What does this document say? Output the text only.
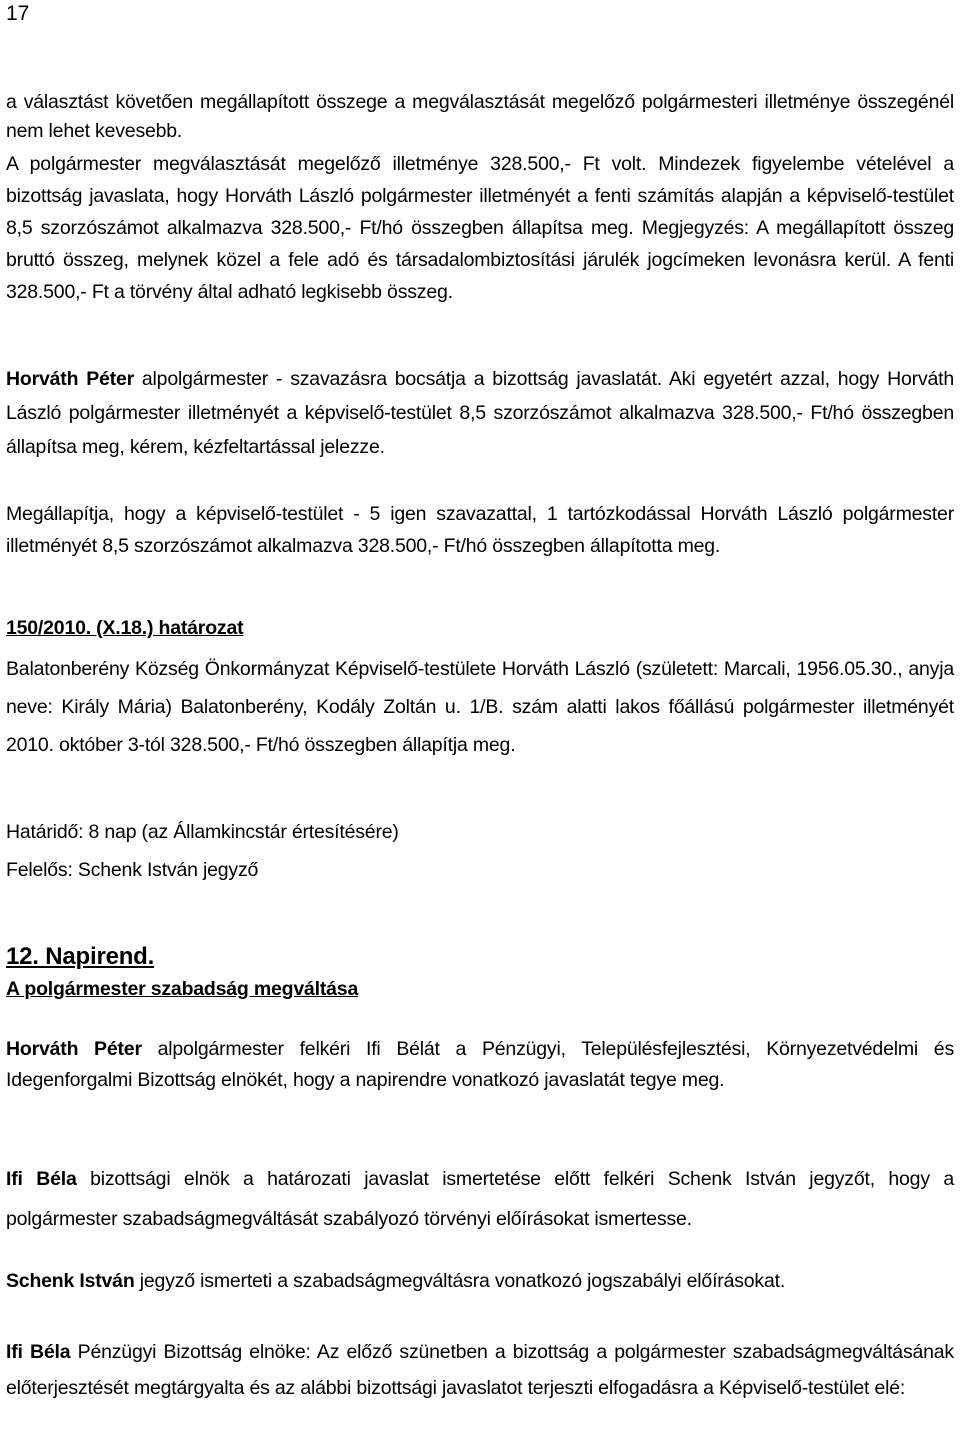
17
a választást követően megállapított összege a megválasztását megelőző polgármesteri illetménye összegénél nem lehet kevesebb.
A polgármester megválasztását megelőző illetménye 328.500,- Ft volt. Mindezek figyelembe vételével a bizottság javaslata, hogy Horváth László polgármester illetményét a fenti számítás alapján a képviselő-testület 8,5 szorzószámot alkalmazva 328.500,- Ft/hó összegben állapítsa meg. Megjegyzés: A megállapított összeg bruttó összeg, melynek közel a fele adó és társadalombiztosítási járulék jogcímeken levonásra kerül. A fenti 328.500,- Ft a törvény által adható legkisebb összeg.
Horváth Péter alpolgármester - szavazásra bocsátja a bizottság javaslatát. Aki egyetért azzal, hogy Horváth László polgármester illetményét a képviselő-testület 8,5 szorzószámot alkalmazva 328.500,- Ft/hó összegben állapítsa meg, kérem, kézfeltartással jelezze.
Megállapítja, hogy a képviselő-testület - 5 igen szavazattal, 1 tartózkodással Horváth László polgármester illetményét 8,5 szorzószámot alkalmazva 328.500,- Ft/hó összegben állapította meg.
150/2010. (X.18.) határozat
Balatonberény Község Önkormányzat Képviselő-testülete Horváth László (született: Marcali, 1956.05.30., anyja neve: Király Mária) Balatonberény, Kodály Zoltán u. 1/B. szám alatti lakos főállású polgármester illetményét 2010. október 3-tól 328.500,- Ft/hó összegben állapítja meg.
Határidő: 8 nap (az Államkincstár értesítésére)
Felelős: Schenk István jegyző
12. Napirend.
A polgármester szabadság megváltása
Horváth Péter alpolgármester felkéri Ifi Bélát a Pénzügyi, Településfejlesztési, Környezetvédelmi és Idegenforgalmi Bizottság elnökét, hogy a napirendre vonatkozó javaslatát tegye meg.
Ifi Béla bizottsági elnök a határozati javaslat ismertetése előtt felkéri Schenk István jegyzőt, hogy a polgármester szabadságmegváltását szabályozó törvényi előírásokat ismertesse.
Schenk István jegyző ismerteti a szabadságmegváltásra vonatkozó jogszabályi előírásokat.
Ifi Béla Pénzügyi Bizottság elnöke: Az előző szünetben a bizottság a polgármester szabadságmegváltásának előterjesztését megtárgyalta és az alábbi bizottsági javaslatot terjeszti elfogadásra a Képviselő-testület elé:
